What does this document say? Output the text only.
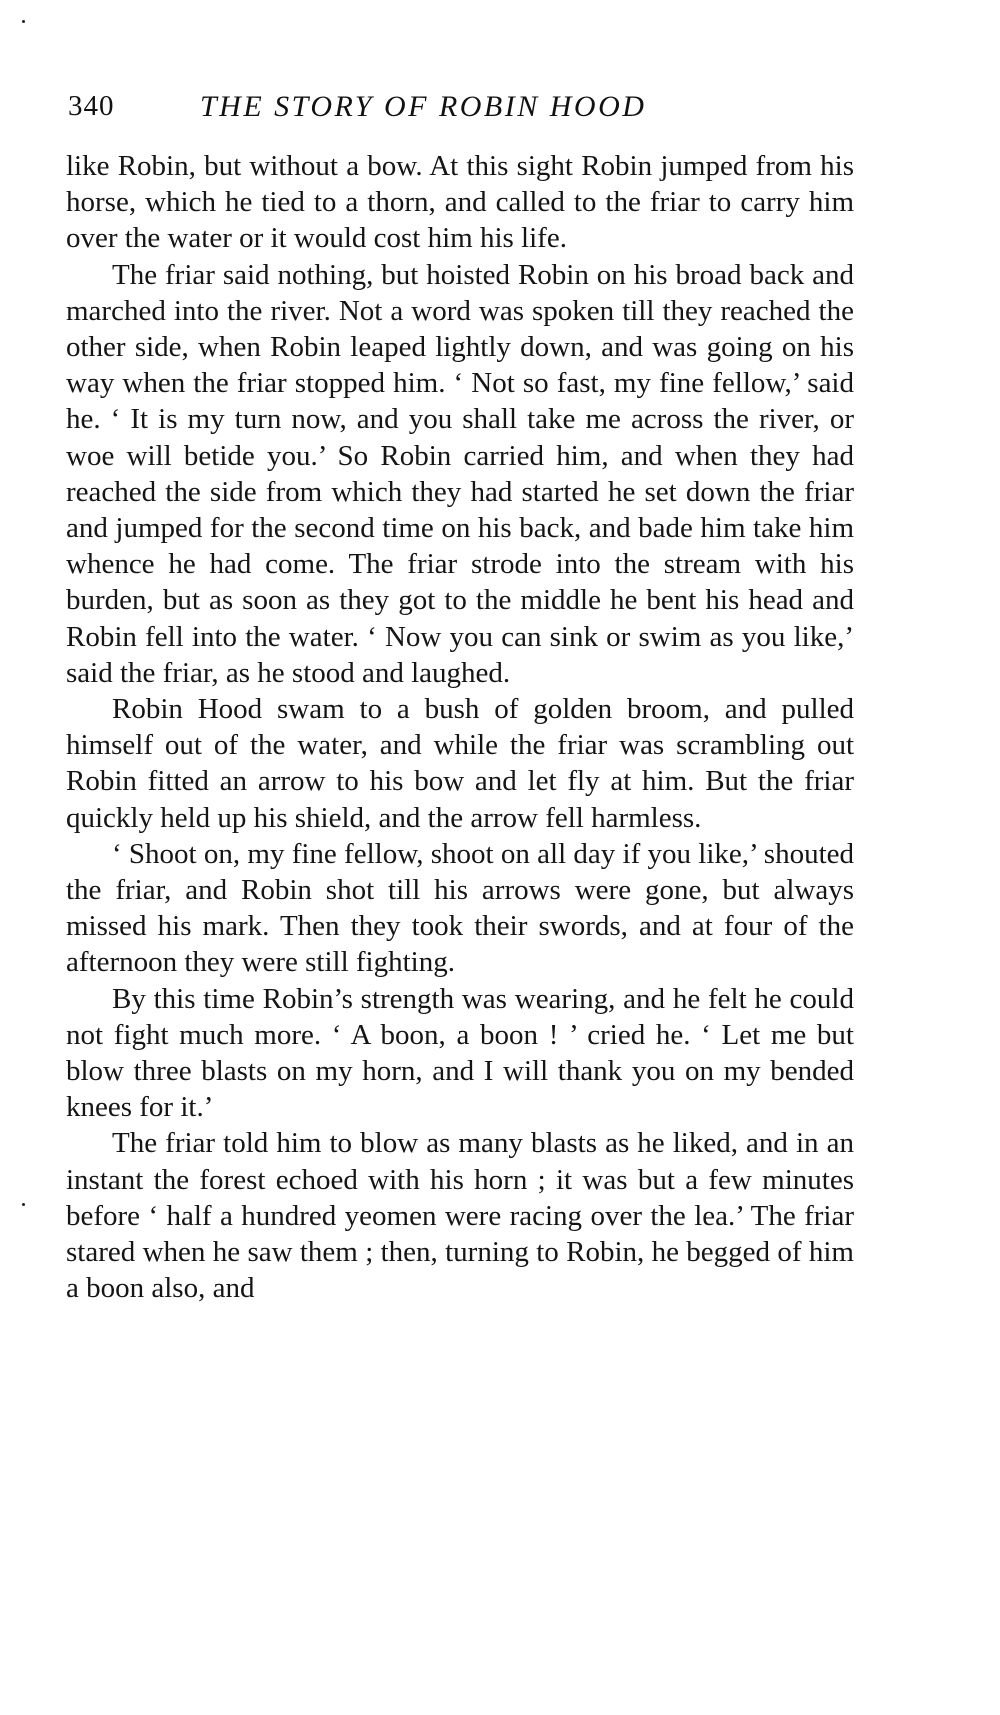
340	THE STORY OF ROBIN HOOD

like Robin, but without a bow. At this sight Robin jumped from his horse, which he tied to a thorn, and called to the friar to carry him over the water or it would cost him his life.

The friar said nothing, but hoisted Robin on his broad back and marched into the river. Not a word was spoken till they reached the other side, when Robin leaped lightly down, and was going on his way when the friar stopped him. ‘ Not so fast, my fine fellow,’ said he. ‘ It is my turn now, and you shall take me across the river, or woe will betide you.’ So Robin carried him, and when they had reached the side from which they had started he set down the friar and jumped for the second time on his back, and bade him take him whence he had come. The friar strode into the stream with his burden, but as soon as they got to the middle he bent his head and Robin fell into the water. ‘ Now you can sink or swim as you like,’ said the friar, as he stood and laughed.

Robin Hood swam to a bush of golden broom, and pulled himself out of the water, and while the friar was scrambling out Robin fitted an arrow to his bow and let fly at him. But the friar quickly held up his shield, and the arrow fell harmless.

‘ Shoot on, my fine fellow, shoot on all day if you like,’ shouted the friar, and Robin shot till his arrows were gone, but always missed his mark. Then they took their swords, and at four of the afternoon they were still fighting.

By this time Robin’s strength was wearing, and he felt he could not fight much more. ‘ A boon, a boon ! ’ cried he. ‘ Let me but blow three blasts on my horn, and I will thank you on my bended knees for it.’

The friar told him to blow as many blasts as he liked, and in an instant the forest echoed with his horn ; it was but a few minutes before ‘ half a hundred yeomen were racing over the lea.’ The friar stared when he saw them ; then, turning to Robin, he begged of him a boon also, and
